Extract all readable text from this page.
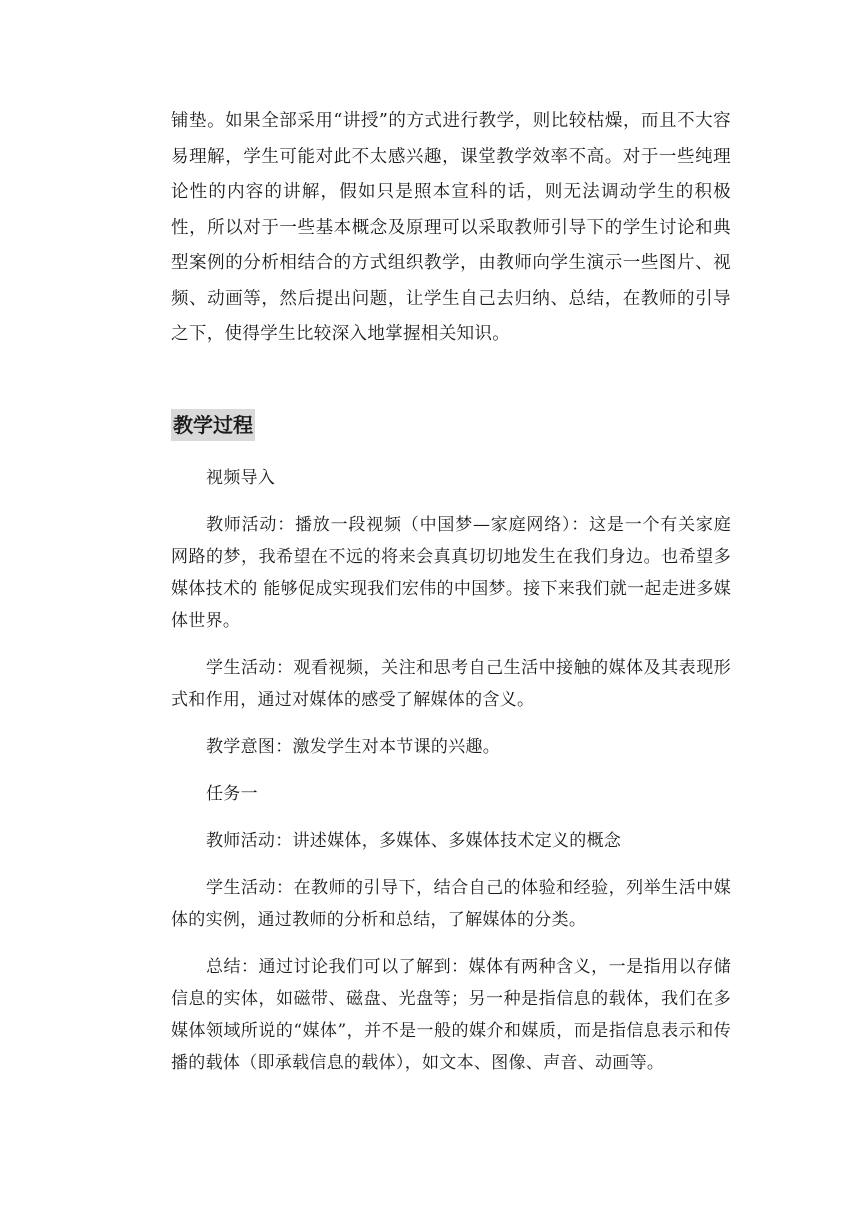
铺垫。如果全部采用“讲授”的方式进行教学，则比较枯燥，而且不大容易理解，学生可能对此不太感兴趣，课堂教学效率不高。对于一些纯理论性的内容的讲解，假如只是照本宣科的话，则无法调动学生的积极性，所以对于一些基本概念及原理可以采取教师引导下的学生讨论和典型案例的分析相结合的方式组织教学，由教师向学生演示一些图片、视频、动画等，然后提出问题，让学生自己去归纳、总结，在教师的引导之下，使得学生比较深入地掌握相关知识。
教学过程

视频导入

教师活动：播放一段视频（中国梦—家庭网络）：这是一个有关家庭网路的梦，我希望在不远的将来会真真切切地发生在我们身边。也希望多媒体技术的 能够促成实现我们宏伟的中国梦。接下来我们就一起走进多媒体世界。

学生活动：观看视频，关注和思考自己生活中接触的媒体及其表现形式和作用，通过对媒体的感受了解媒体的含义。

教学意图：激发学生对本节课的兴趣。

任务一

教师活动：讲述媒体，多媒体、多媒体技术定义的概念

学生活动：在教师的引导下，结合自己的体验和经验，列举生活中媒体的实例，通过教师的分析和总结，了解媒体的分类。

总结：通过讨论我们可以了解到：媒体有两种含义，一是指用以存储信息的实体，如磁带、磁盘、光盘等；另一种是指信息的载体，我们在多媒体领域所说的“媒体”，并不是一般的媒介和媒质，而是指信息表示和传播的载体（即承载信息的载体），如文本、图像、声音、动画等。
